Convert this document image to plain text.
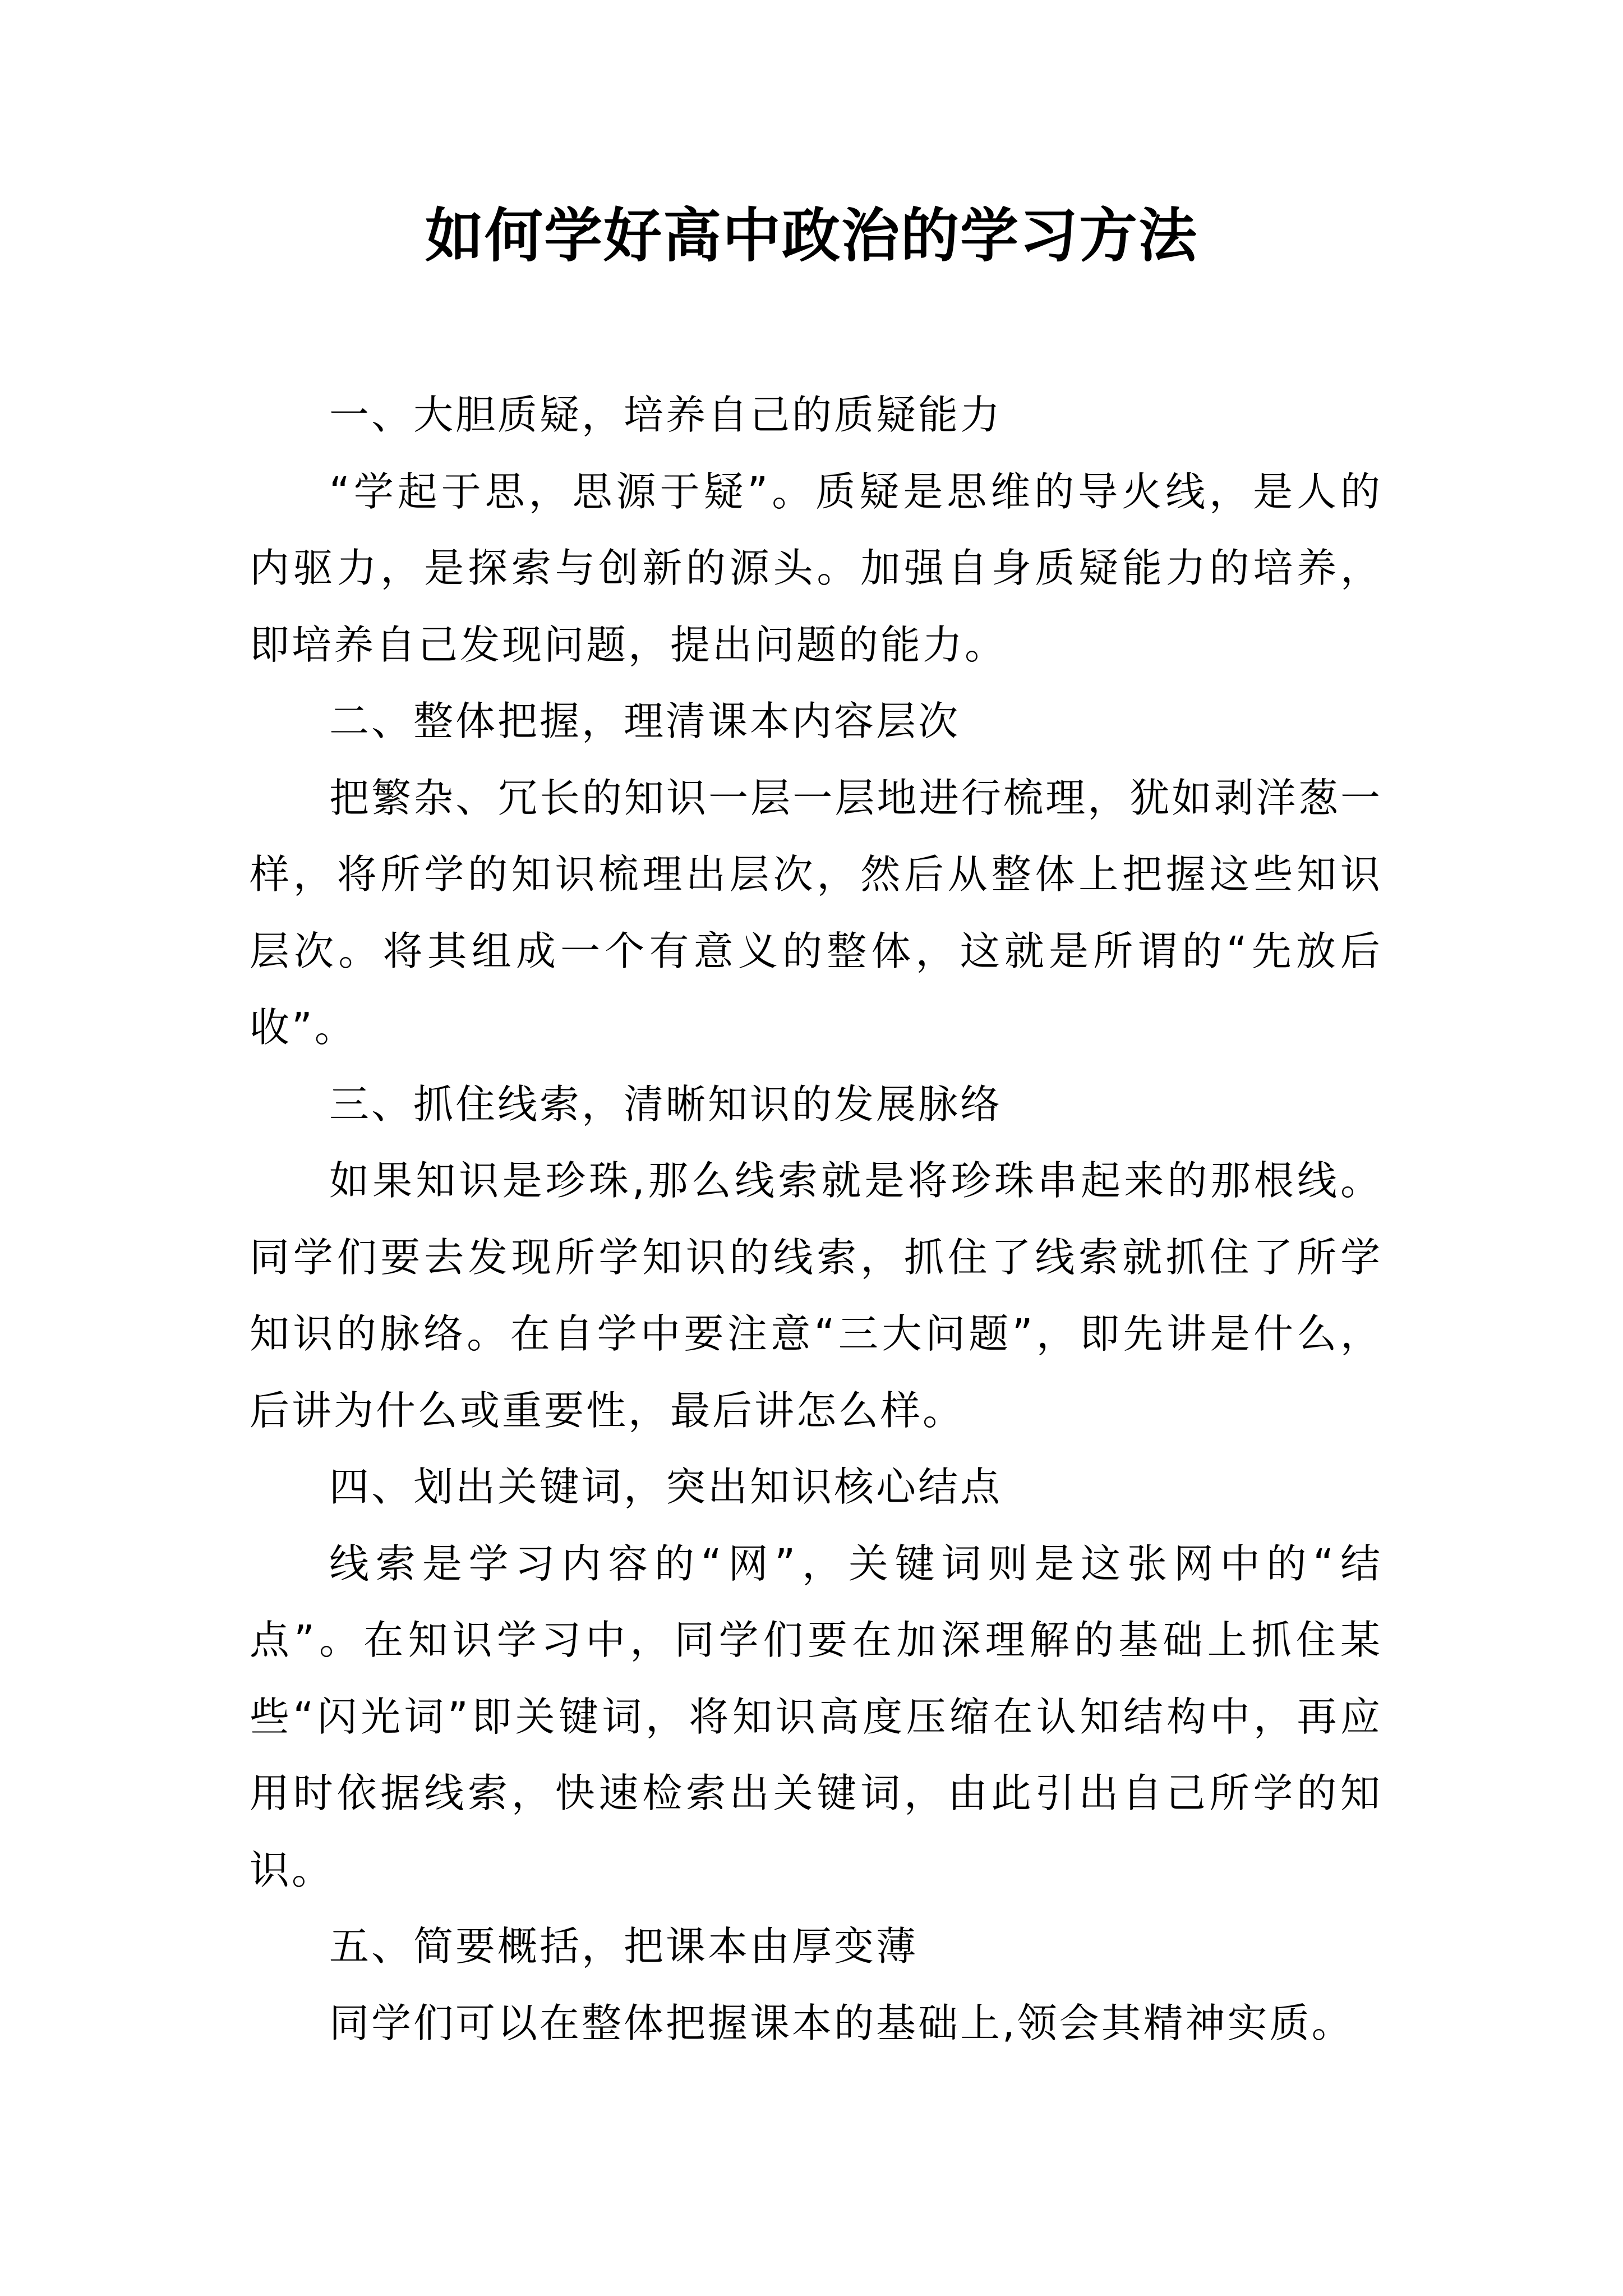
如何学好高中政治的学习方法

一、大胆质疑，培养自己的质疑能力

“学起于思，思源于疑”。质疑是思维的导火线，是人的内驱力，是探索与创新的源头。加强自身质疑能力的培养，即培养自己发现问题，提出问题的能力。

二、整体把握，理清课本内容层次

把繁杂、冗长的知识一层一层地进行梳理，犹如剥洋葱一样，将所学的知识梳理出层次，然后从整体上把握这些知识层次。将其组成一个有意义的整体，这就是所谓的“先放后收”。

三、抓住线索，清晰知识的发展脉络

如果知识是珍珠,那么线索就是将珍珠串起来的那根线。同学们要去发现所学知识的线索，抓住了线索就抓住了所学知识的脉络。在自学中要注意“三大问题”，即先讲是什么，后讲为什么或重要性，最后讲怎么样。

四、划出关键词，突出知识核心结点

线索是学习内容的“网”，关键词则是这张网中的“结点”。在知识学习中，同学们要在加深理解的基础上抓住某些“闪光词”即关键词，将知识高度压缩在认知结构中，再应用时依据线索，快速检索出关键词，由此引出自己所学的知识。

五、简要概括，把课本由厚变薄

同学们可以在整体把握课本的基础上,领会其精神实质。
